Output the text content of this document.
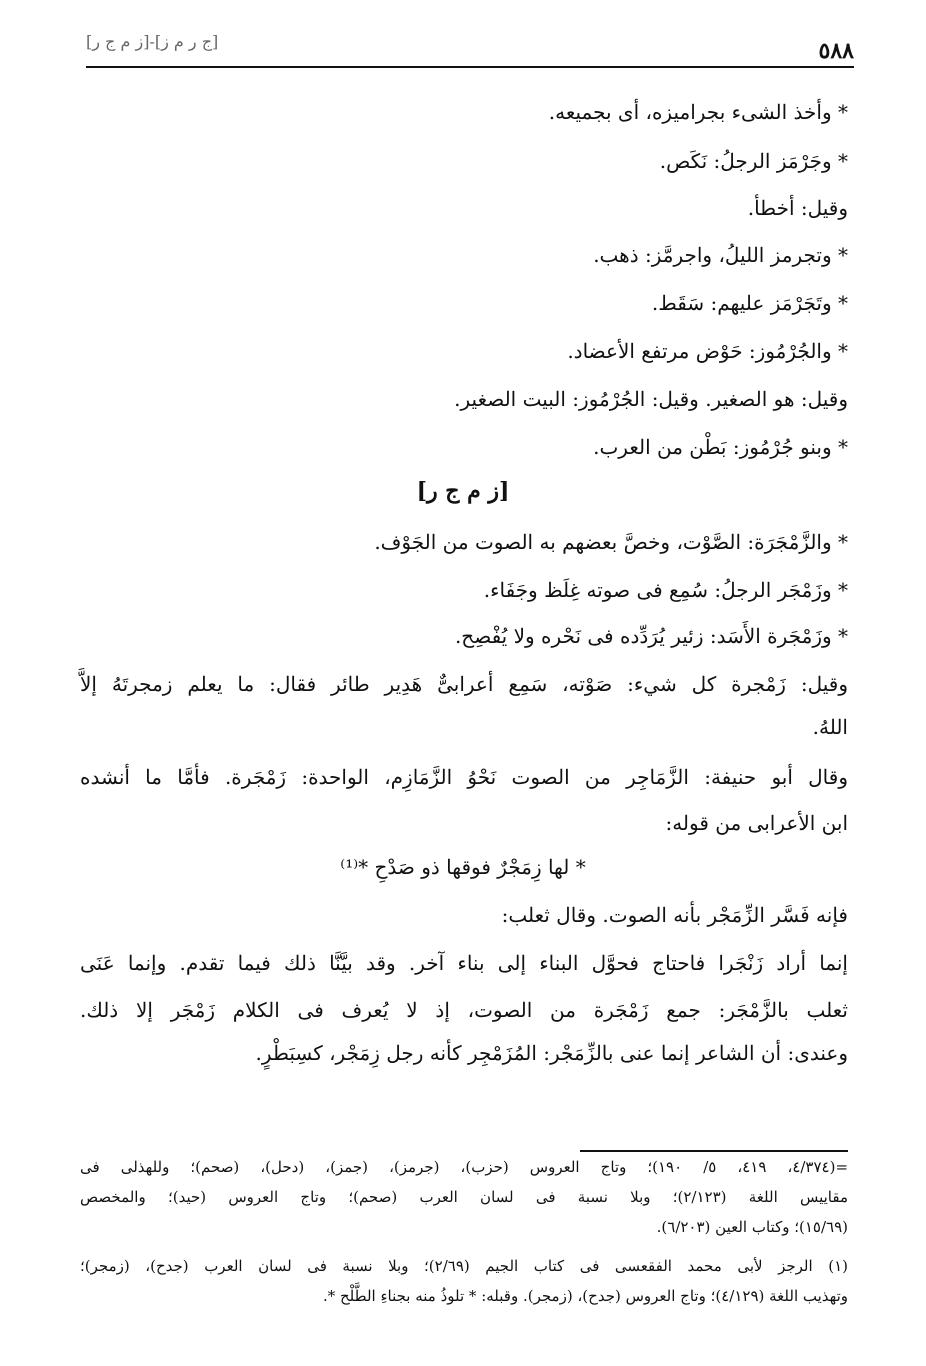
٥٨٨
[ج ر م ز]-[ز م ج ر]
* وأخذ الشىء بجراميزه، أى بجميعه.
* وجَرْمَز الرجلُ: نَكَص.
وقيل: أخطأ.
* وتجرمز الليلُ، واجرمَّز: ذهب.
* وتَجَرْمَز عليهم: سَقَط.
* والجُرْمُوز: حَوْض مرتفع الأعضاد.
وقيل: هو الصغير. وقيل: الجُرْمُوز: البيت الصغير.
* وبنو جُرْمُوز: بَطْن من العرب.
[ز م ج ر]
* والزَّمْجَرَة: الصَّوْت، وخصَّ بعضهم به الصوت من الجَوْف.
* وزَمْجَر الرجلُ: سُمِع فى صوته غِلَظ وجَفَاء.
* وزَمْجَرة الأَسَد: زئير يُرَدِّده فى نَحْره ولا يُفْصِح.
وقيل: زَمْجرة كل شيء: صَوْته، سَمِع أعرابىٌّ هَدِير طائر فقال: ما يعلم زمجرتَهُ إلاَّ
اللهُ.
وقال أبو حنيفة: الزَّمَاجِر من الصوت نَحْوُ الزَّمَازِم، الواحدة: زَمْجَرة. فأمَّا ما أنشده
ابن الأعرابى من قوله:
* لها زِمَجْرٌ فوقها ذو صَدْحِ *⁽¹⁾
فإنه فَسَّر الزِّمَجْر بأنه الصوت. وقال ثعلب:
إنما أراد زَنْجَرا فاحتاج فحوَّل البناء إلى بناء آخر. وقد بيَّنَّا ذلك فيما تقدم. وإنما عَنَى
ثعلب بالزَّمْجَر: جمع زَمْجَرة من الصوت، إذ لا يُعرف فى الكلام زَمْجَر إلا ذلك.
وعندى: أن الشاعر إنما عنى بالزِّمَجْر: المُزَمْجِر كأنه رجل زِمَجْر، كسِبَطْرٍ.
=(٤/٣٧٤، ٤١٩، ٥/ ١٩٠)؛ وتاج العروس (حزب)، (جرمز)، (جمز)، (دحل)، (صحم)؛ وللهذلى فى
مقاييس اللغة (٢/١٢٣)؛ وبلا نسبة فى لسان العرب (صحم)؛ وتاج العروس (حيد)؛ والمخصص
(١٥/٦٩)؛ وكتاب العين (٦/٢٠٣).
(١) الرجز لأبى محمد الفقعسى فى كتاب الجيم (٢/٦٩)؛ وبلا نسبة فى لسان العرب (جدح)، (زمجر)؛
وتهذيب اللغة (٤/١٢٩)؛ وتاج العروس (جدح)، (زمجر). وقبله: * تلوذُ منه بجناءِ الطَّلْح *.
